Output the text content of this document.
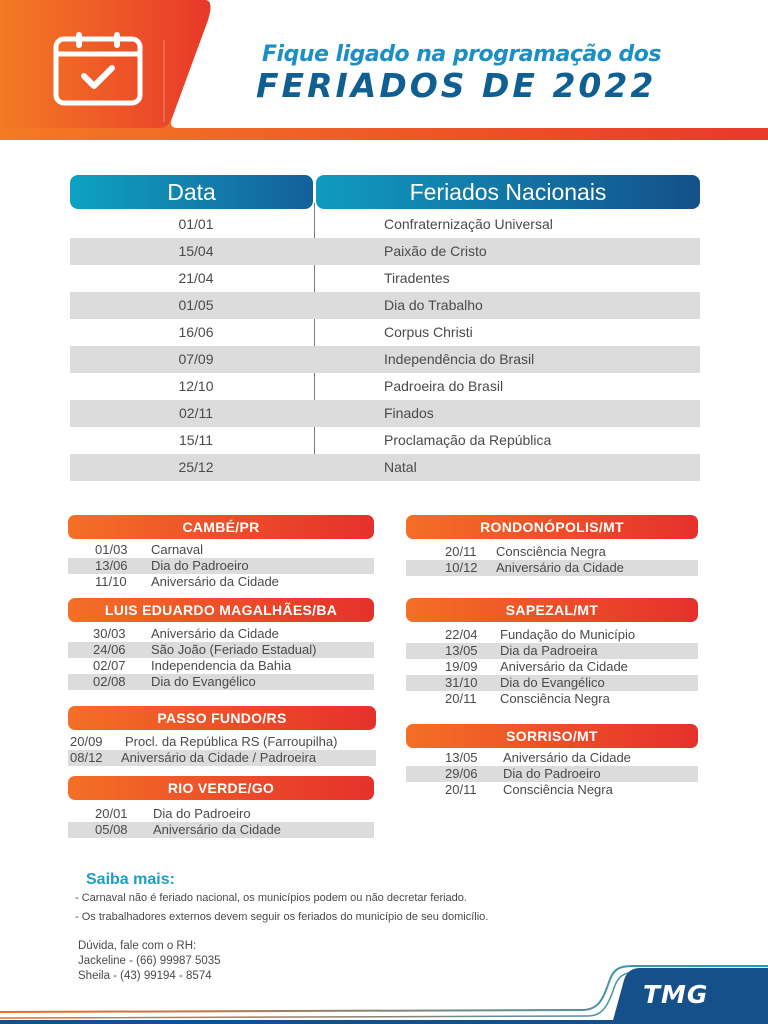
Fique ligado na programação dos
FERIADOS DE 2022
Data	Feriados Nacionais
01/01	Confraternização Universal
15/04	Paixão de Cristo
21/04	Tiradentes
01/05	Dia do Trabalho
16/06	Corpus Christi
07/09	Independência do Brasil
12/10	Padroeira do Brasil
02/11	Finados
15/11	Proclamação da República
25/12	Natal
CAMBÉ/PR
01/03 Carnaval
13/06 Dia do Padroeiro
11/10 Aniversário da Cidade
LUIS EDUARDO MAGALHÃES/BA
30/03 Aniversário da Cidade
24/06 São João (Feriado Estadual)
02/07 Independencia da Bahia
02/08 Dia do Evangélico
PASSO FUNDO/RS
20/09 Procl. da República RS (Farroupilha)
08/12 Aniversário da Cidade / Padroeira
RIO VERDE/GO
20/01 Dia do Padroeiro
05/08 Aniversário da Cidade
RONDONÓPOLIS/MT
20/11 Consciência Negra
10/12 Aniversário da Cidade
SAPEZAL/MT
22/04 Fundação do Município
13/05 Dia da Padroeira
19/09 Aniversário da Cidade
31/10 Dia do Evangélico
20/11 Consciência Negra
SORRISO/MT
13/05 Aniversário da Cidade
29/06 Dia do Padroeiro
20/11 Consciência Negra
Saiba mais:
- Carnaval não é feriado nacional, os municípios podem ou não decretar feriado.
- Os trabalhadores externos devem seguir os feriados do município de seu domicílio.
Dúvida, fale com o RH:
Jackeline - (66) 99987 5035
Sheila - (43) 99194 - 8574
TMG
